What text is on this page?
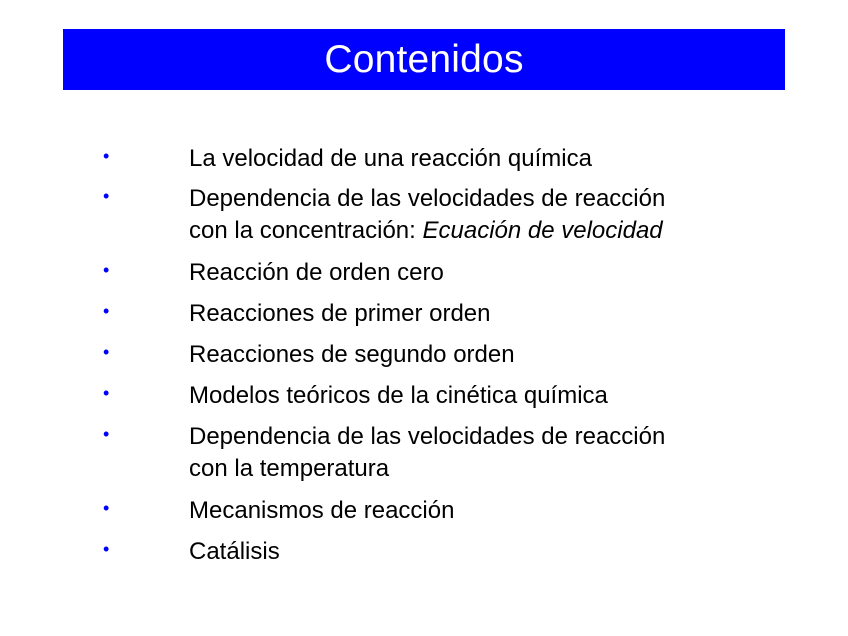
Contenidos
•	La velocidad de una reacción química
•	Dependencia de las velocidades de reacción
con la concentración: Ecuación de velocidad
•	Reacción de orden cero
•	Reacciones de primer orden
•	Reacciones de segundo orden
•	Modelos teóricos de la cinética química
•	Dependencia de las velocidades de reacción
con la temperatura
•	Mecanismos de reacción
•	Catálisis
